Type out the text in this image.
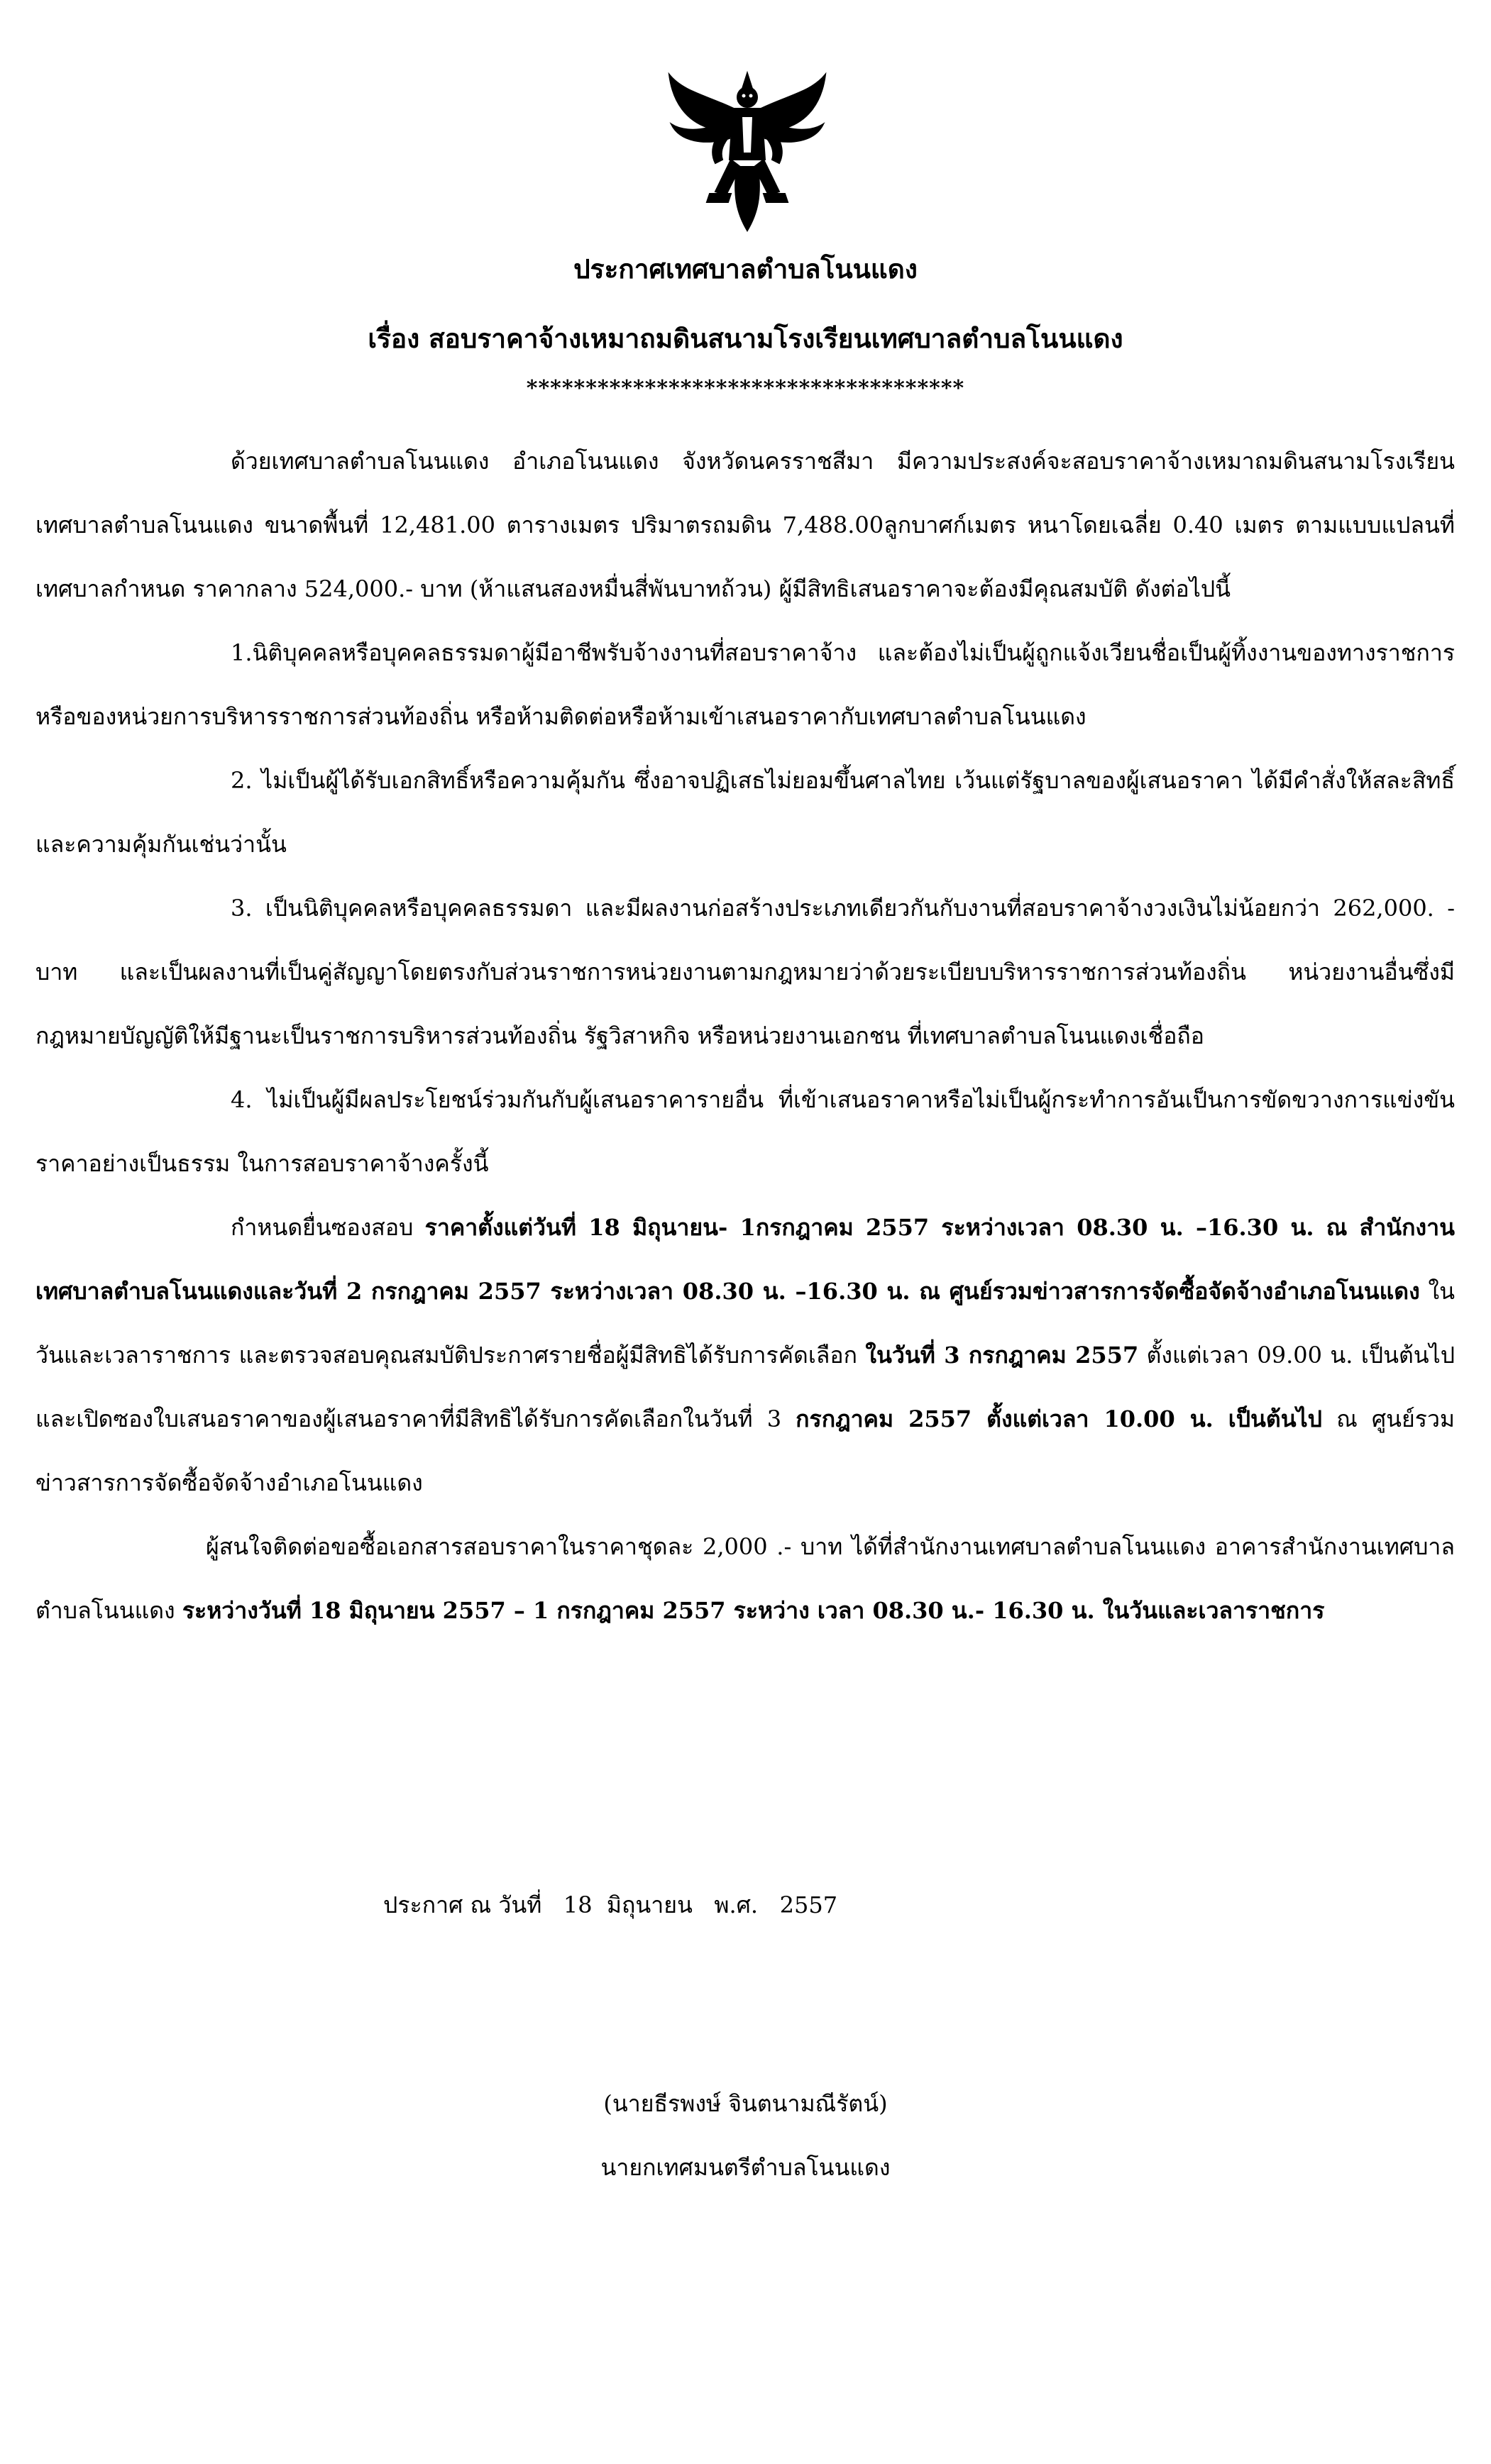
ประกาศเทศบาลตำบลโนนแดง
เรื่อง สอบราคาจ้างเหมาถมดินสนามโรงเรียนเทศบาลตำบลโนนแดง
*************************************

ด้วยเทศบาลตำบลโนนแดง อำเภอโนนแดง จังหวัดนครราชสีมา มีความประสงค์จะสอบราคาจ้างเหมาถมดินสนามโรงเรียนเทศบาลตำบลโนนแดง ขนาดพื้นที่ 12,481.00 ตารางเมตร ปริมาตรถมดิน 7,488.00ลูกบาศก์เมตร หนาโดยเฉลี่ย 0.40 เมตร ตามแบบแปลนที่เทศบาลกำหนด ราคากลาง 524,000.- บาท (ห้าแสนสองหมื่นสี่พันบาทถ้วน) ผู้มีสิทธิเสนอราคาจะต้องมีคุณสมบัติ ดังต่อไปนี้

1.นิติบุคคลหรือบุคคลธรรมดาผู้มีอาชีพรับจ้างงานที่สอบราคาจ้าง และต้องไม่เป็นผู้ถูกแจ้งเวียนชื่อเป็นผู้ทิ้งงานของทางราชการ หรือของหน่วยการบริหารราชการส่วนท้องถิ่น หรือห้ามติดต่อหรือห้ามเข้าเสนอราคากับเทศบาลตำบลโนนแดง

2. ไม่เป็นผู้ได้รับเอกสิทธิ์หรือความคุ้มกัน ซึ่งอาจปฏิเสธไม่ยอมขึ้นศาลไทย เว้นแต่รัฐบาลของผู้เสนอราคา ได้มีคำสั่งให้สละสิทธิ์และความคุ้มกันเช่นว่านั้น

3. เป็นนิติบุคคลหรือบุคคลธรรมดา และมีผลงานก่อสร้างประเภทเดียวกันกับงานที่สอบราคาจ้างวงเงินไม่น้อยกว่า 262,000. - บาท และเป็นผลงานที่เป็นคู่สัญญาโดยตรงกับส่วนราชการหน่วยงานตามกฎหมายว่าด้วยระเบียบบริหารราชการส่วนท้องถิ่น หน่วยงานอื่นซึ่งมีกฎหมายบัญญัติให้มีฐานะเป็นราชการบริหารส่วนท้องถิ่น รัฐวิสาหกิจ หรือหน่วยงานเอกชน ที่เทศบาลตำบลโนนแดงเชื่อถือ

4. ไม่เป็นผู้มีผลประโยชน์ร่วมกันกับผู้เสนอราคารายอื่น ที่เข้าเสนอราคาหรือไม่เป็นผู้กระทำการอันเป็นการขัดขวางการแข่งขันราคาอย่างเป็นธรรม ในการสอบราคาจ้างครั้งนี้

กำหนดยื่นซองสอบ ราคาตั้งแต่วันที่ 18 มิถุนายน- 1กรกฎาคม 2557 ระหว่างเวลา 08.30 น. –16.30 น. ณ สำนักงานเทศบาลตำบลโนนแดงและวันที่ 2 กรกฎาคม 2557 ระหว่างเวลา 08.30 น. –16.30 น. ณ ศูนย์รวมข่าวสารการจัดซื้อจัดจ้างอำเภอโนนแดง ในวันและเวลาราชการ และตรวจสอบคุณสมบัติประกาศรายชื่อผู้มีสิทธิได้รับการคัดเลือก ในวันที่ 3 กรกฎาคม 2557 ตั้งแต่เวลา 09.00 น. เป็นต้นไป และเปิดซองใบเสนอราคาของผู้เสนอราคาที่มีสิทธิได้รับการคัดเลือกในวันที่ 3 กรกฎาคม 2557 ตั้งแต่เวลา 10.00 น. เป็นต้นไป ณ ศูนย์รวมข่าวสารการจัดซื้อจัดจ้างอำเภอโนนแดง

ผู้สนใจติดต่อขอซื้อเอกสารสอบราคาในราคาชุดละ 2,000 .- บาท ได้ที่สำนักงานเทศบาลตำบลโนนแดง อาคารสำนักงานเทศบาลตำบลโนนแดง ระหว่างวันที่ 18 มิถุนายน 2557 – 1 กรกฎาคม 2557 ระหว่าง เวลา 08.30 น.- 16.30 น. ในวันและเวลาราชการ

ประกาศ ณ วันที่   18  มิถุนายน   พ.ศ.   2557
(นายธีรพงษ์ จินตนามณีรัตน์)
นายกเทศมนตรีตำบลโนนแดง
